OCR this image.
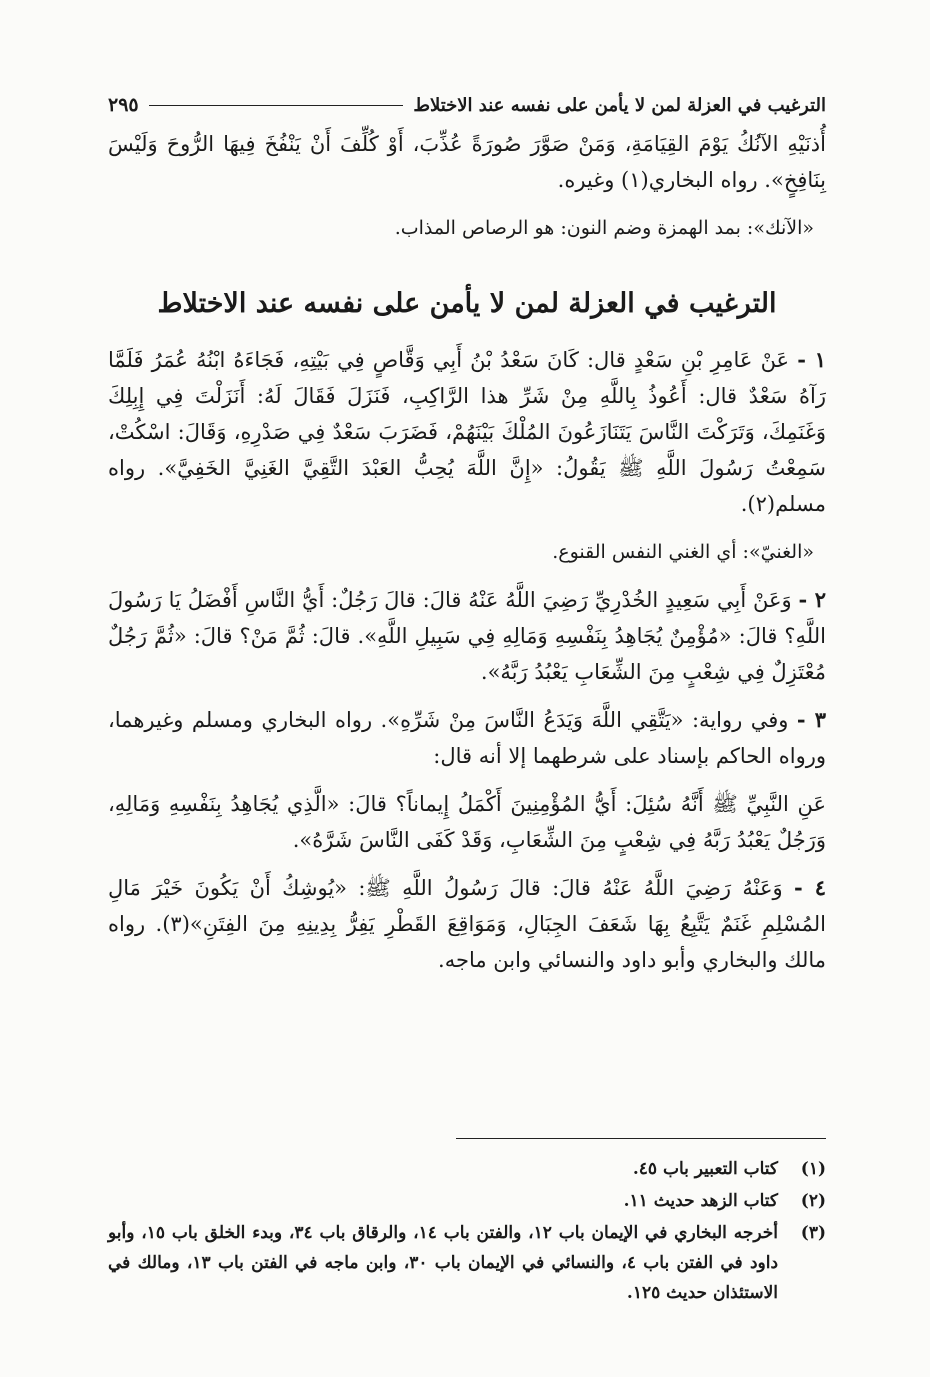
الترغيب في العزلة لمن لا يأمن على نفسه عند الاختلاط
٢٩٥

أُذنَيْهِ الآنُكُ يَوْمَ القِيَامَةِ، وَمَنْ صَوَّرَ صُورَةً عُذِّبَ، أَوْ كُلِّفَ أَنْ يَنْفُخَ فِيهَا الرُّوحَ وَلَيْسَ بِنَافِخٍ». رواه البخاري(١) وغيره.

«الآنك»: بمد الهمزة وضم النون: هو الرصاص المذاب.

الترغيب في العزلة لمن لا يأمن على نفسه عند الاختلاط

١ - عَنْ عَامِرِ بْنِ سَعْدٍ قال: كَانَ سَعْدُ بْنُ أَبِي وَقَّاصٍ فِي بَيْتِهِ، فَجَاءَهُ ابْنُهُ عُمَرُ فَلَمَّا رَآهُ سَعْدٌ قال: أَعُوذُ بِاللَّهِ مِنْ شَرِّ هذا الرَّاكِبِ، فَنَزَلَ فَقَالَ لَهُ: أَنَزَلْتَ فِي إِبِلِكَ وَغَنَمِكَ، وَتَرَكْتَ النَّاسَ يَتَنَازَعُونَ المُلْكَ بَيْنَهُمْ، فَضَرَبَ سَعْدٌ فِي صَدْرِهِ، وَقَالَ: اسْكُتْ، سَمِعْتُ رَسُولَ اللَّهِ ﷺ يَقُولُ: «إِنَّ اللَّهَ يُحِبُّ العَبْدَ التَّقِيَّ الغَنِيَّ الخَفِيَّ». رواه مسلم(٢).

«الغنيّ»: أي الغني النفس القنوع.

٢ - وَعَنْ أَبِي سَعِيدٍ الخُدْرِيِّ رَضِيَ اللَّهُ عَنْهُ قالَ: قالَ رَجُلٌ: أَيُّ النَّاسِ أَفْضَلُ يَا رَسُولَ اللَّهِ؟ قالَ: «مُؤْمِنٌ يُجَاهِدُ بِنَفْسِهِ وَمَالِهِ فِي سَبِيلِ اللَّهِ». قالَ: ثُمَّ مَنْ؟ قالَ: «ثُمَّ رَجُلٌ مُعْتَزِلٌ فِي شِعْبٍ مِنَ الشِّعَابِ يَعْبُدُ رَبَّهُ».

٣ - وفي رواية: «يَتَّقِي اللَّهَ وَيَدَعُ النَّاسَ مِنْ شَرِّهِ». رواه البخاري ومسلم وغيرهما، ورواه الحاكم بإسناد على شرطهما إلا أنه قال:

عَنِ النَّبِيِّ ﷺ أَنَّهُ سُئِلَ: أَيُّ المُؤْمِنِينَ أَكْمَلُ إِيماناً؟ قالَ: «الَّذِي يُجَاهِدُ بِنَفْسِهِ وَمَالِهِ، وَرَجُلٌ يَعْبُدُ رَبَّهُ فِي شِعْبٍ مِنَ الشِّعَابِ، وَقَدْ كَفَى النَّاسَ شَرَّهُ».

٤ - وَعَنْهُ رَضِيَ اللَّهُ عَنْهُ قالَ: قالَ رَسُولُ اللَّهِ ﷺ: «يُوشِكُ أَنْ يَكُونَ خَيْرَ مَالِ المُسْلِمِ غَنَمٌ يَتَّبِعُ بِهَا شَعَفَ الجِبَالِ، وَمَوَاقِعَ القَطْرِ يَفِرُّ بِدِينِهِ مِنَ الفِتَنِ»(٣). رواه مالك والبخاري وأبو داود والنسائي وابن ماجه.

(١)
كتاب التعبير باب ٤٥.
(٢)
كتاب الزهد حديث ١١.
(٣)
أخرجه البخاري في الإيمان باب ١٢، والفتن باب ١٤، والرقاق باب ٣٤، وبدء الخلق باب ١٥، وأبو داود في الفتن باب ٤، والنسائي في الإيمان باب ٣٠، وابن ماجه في الفتن باب ١٣، ومالك في الاستئذان حديث ١٢٥.
